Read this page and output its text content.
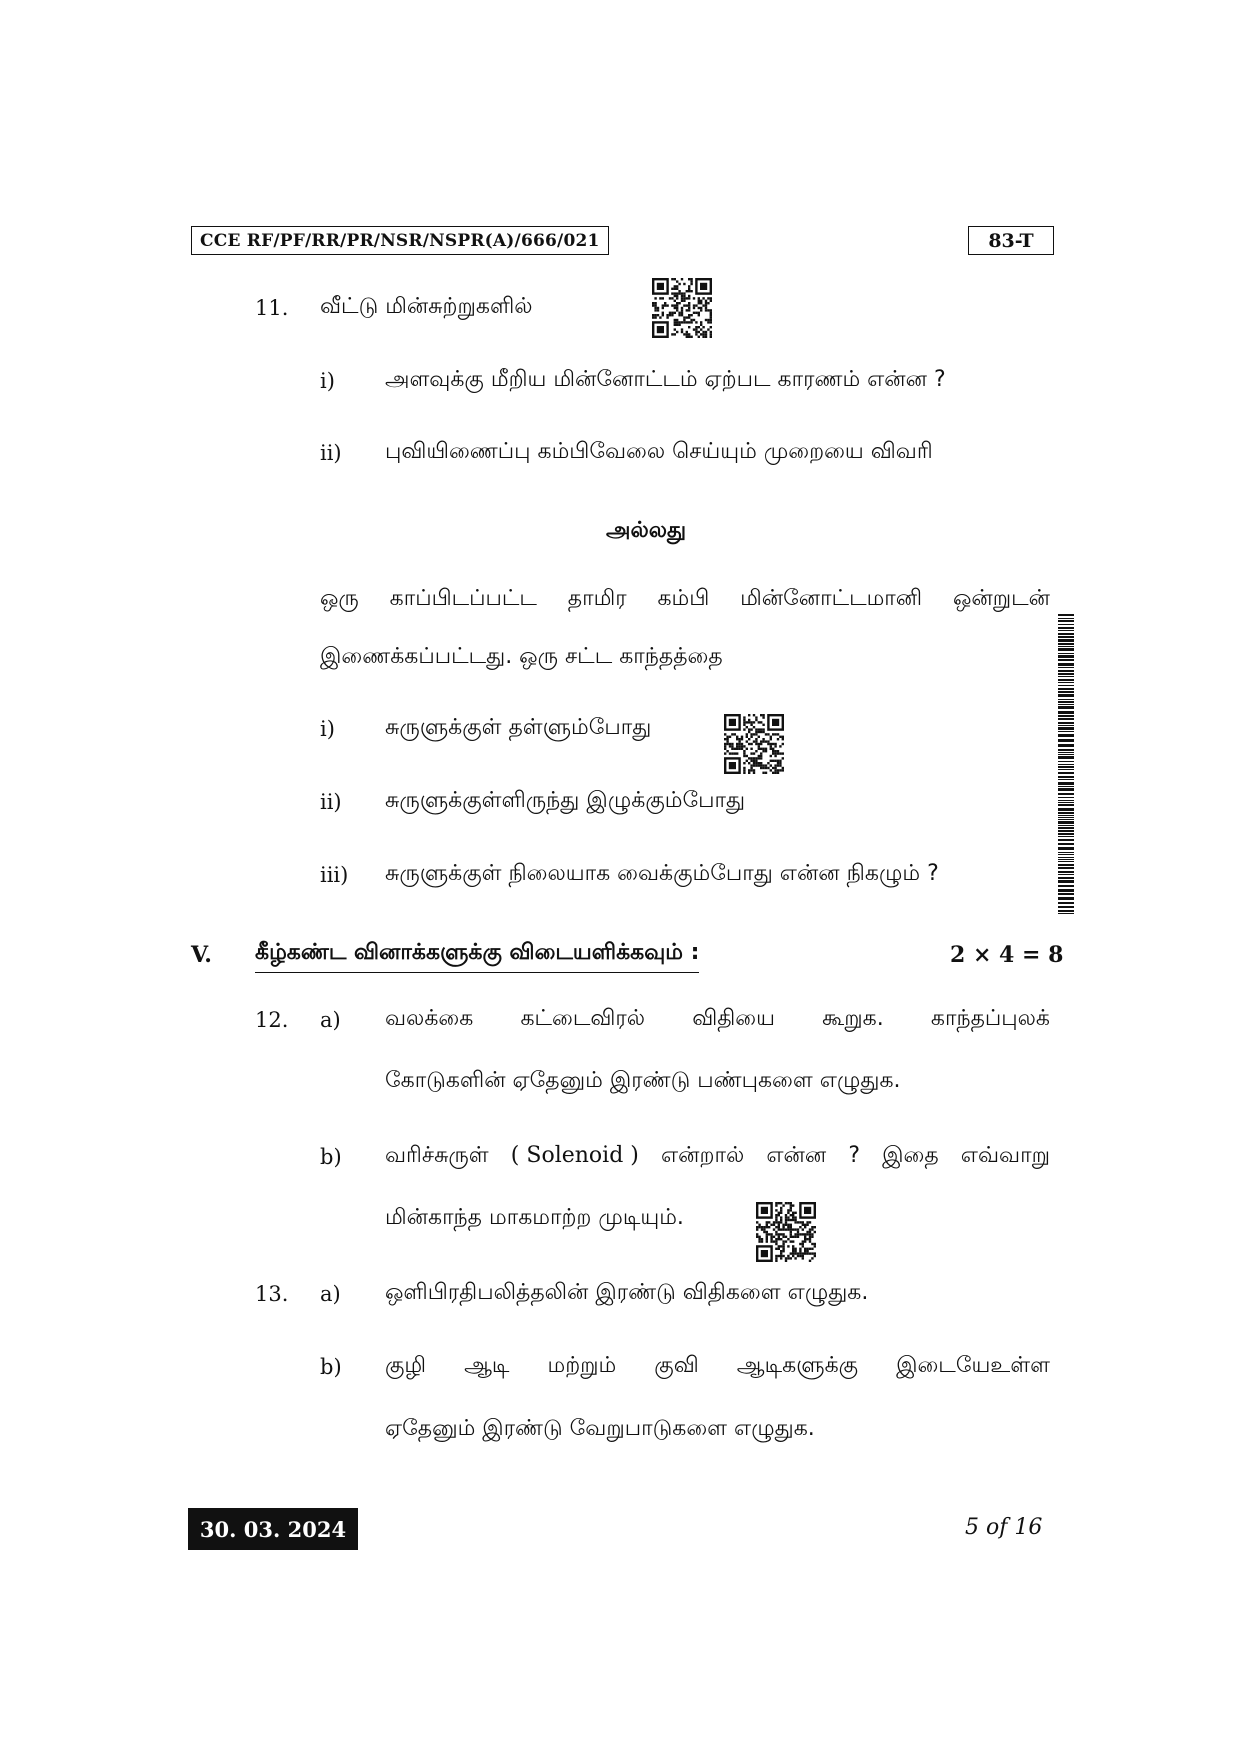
CCE RF/PF/RR/PR/NSR/NSPR(A)/666/021	83-T
11. வீட்டு மின்சுற்றுகளில்
i) அளவுக்கு மீறிய மின்னோட்டம் ஏற்பட காரணம் என்ன ?
ii) புவியிணைப்பு கம்பிவேலை செய்யும் முறையை விவரி
அல்லது
ஒரு காப்பிடப்பட்ட தாமிர கம்பி மின்னோட்டமானி ஒன்றுடன்
இணைக்கப்பட்டது. ஒரு சட்ட காந்தத்தை
i) சுருளுக்குள் தள்ளும்போது
ii) சுருளுக்குள்ளிருந்து இழுக்கும்போது
iii) சுருளுக்குள் நிலையாக வைக்கும்போது என்ன நிகழும் ?
V. கீழ்கண்ட வினாக்களுக்கு விடையளிக்கவும் :	2 × 4 = 8
12. a) வலக்கை கட்டைவிரல் விதியை கூறுக. காந்தப்புலக்
கோடுகளின் ஏதேனும் இரண்டு பண்புகளை எழுதுக.
b) வரிச்சுருள் ( Solenoid ) என்றால் என்ன ? இதை எவ்வாறு
மின்காந்த மாகமாற்ற முடியும்.
13. a) ஒளிபிரதிபலித்தலின் இரண்டு விதிகளை எழுதுக.
b) குழி ஆடி மற்றும் குவி ஆடிகளுக்கு இடையேஉள்ள
ஏதேனும் இரண்டு வேறுபாடுகளை எழுதுக.
30. 03. 2024	5 of 16
